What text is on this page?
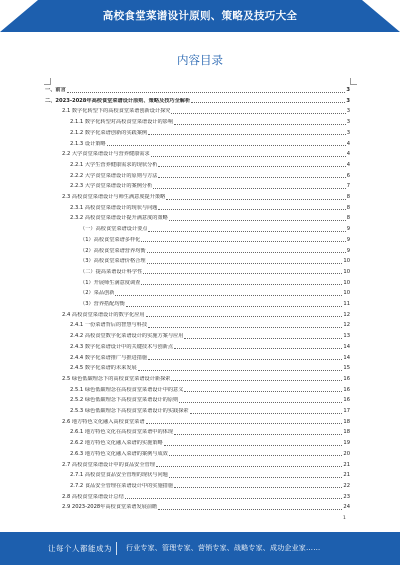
高校食堂菜谱设计原则、策略及技巧大全
内容目录
一、前言	3
二、2023-2028年高校食堂菜谱设计原则、策略及技巧全解析	3
2.1 数字化转型下的高校食堂菜谱创新设计探究	3
2.1.1 数字化转型对高校食堂菜谱设计的影响	3
2.1.2 数字化菜谱创新的实践案例	3
2.1.3 设计策略	4
2.2 大学食堂菜谱设计与营养健康需求	4
2.2.1 大学生营养健康需求的现状分析	4
2.2.2 大学食堂菜谱设计的原则与方法	6
2.2.3 大学食堂菜谱设计的案例分析	7
2.3 高校食堂菜谱设计与师生满意度提升策略	8
2.3.1 高校食堂菜谱设计的现状与问题	8
2.3.2 高校食堂菜谱设计提升满意度的策略	8
（一）高校食堂菜谱设计要点	9
（1）高校食堂菜谱多样化	9
（2）高校食堂菜谱营养均衡	9
（3）高校食堂菜谱价格合理	10
（二）提高菜谱设计科学性	10
（1）开展师生满意度调查	10
（2）菜品创新	10
（3）营养搭配均衡	11
2.4 高校食堂菜谱设计的数字化应用	12
2.4.1 一份菜谱背后的智慧与科技	12
2.4.2 高校食堂数字化菜谱设计的实施方案与应用	13
2.4.3 数字化菜谱设计中的关键技术与创新点	14
2.4.4 数字化菜谱推广与推进措施	14
2.4.5 数字化菜谱的未来发展	15
2.5 绿色低碳理念下的高校食堂菜谱设计新探索	16
2.5.1 绿色低碳理念在高校食堂菜谱设计中的意义	16
2.5.2 绿色低碳理念下高校食堂菜谱设计的原则	16
2.5.3 绿色低碳理念下高校食堂菜谱设计的实践探索	17
2.6 地方特色文化融入高校食堂菜谱	18
2.6.1 地方特色文化在高校食堂菜谱中的体现	18
2.6.2 地方特色文化融入菜谱的实施策略	19
2.6.3 地方特色文化融入菜谱的案例与成效	20
2.7 高校食堂菜谱设计中的食品安全管理	21
2.7.1 高校食堂食品安全管理的现状与问题	21
2.7.2 食品安全管理在菜谱设计中的实施措施	22
2.8 高校食堂菜谱设计总结	23
2.9 2023-2028年高校食堂菜谱发展前瞻	24
1
让每个人都能成为 行业专家、管理专家、营销专家、战略专家、成功企业家……
